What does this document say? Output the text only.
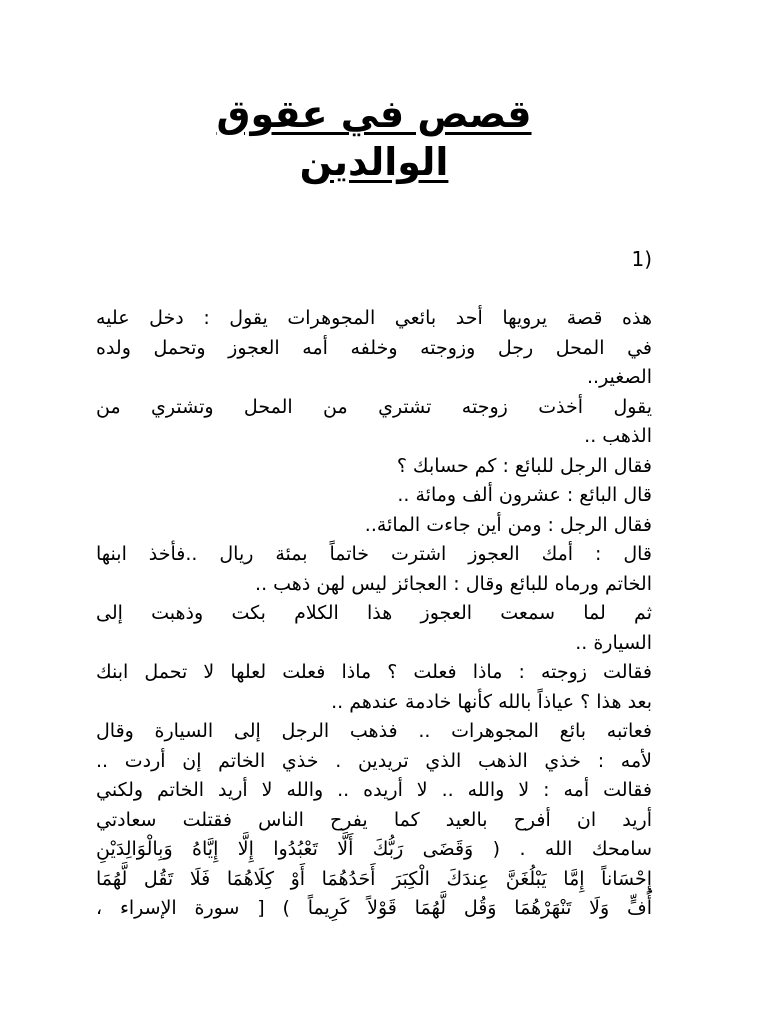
قصص في عقوق
الوالدين
(1
هذه قصة يرويها أحد بائعي المجوهرات يقول : دخل عليه
في المحل رجل وزوجته وخلفه أمه العجوز وتحمل ولده
الصغير..
يقول أخذت زوجته تشتري من المحل وتشتري من
الذهب ..
فقال الرجل للبائع : كم حسابك ؟
قال البائع : عشرون ألف ومائة ..
فقال الرجل : ومن أين جاءت المائة..
قال : أمك العجوز اشترت خاتماً بمئة ريال ..فأخذ ابنها
الخاتم ورماه للبائع وقال : العجائز ليس لهن ذهب ..
ثم لما سمعت العجوز هذا الكلام بكت وذهبت إلى
السيارة ..
فقالت زوجته : ماذا فعلت ؟ ماذا فعلت لعلها لا تحمل ابنك
بعد هذا ؟ عياذاً بالله كأنها خادمة عندهم ..
فعاتبه بائع المجوهرات .. فذهب الرجل إلى السيارة وقال
لأمه : خذي الذهب الذي تريدين . خذي الخاتم إن أردت ..
فقالت أمه : لا والله .. لا أريده .. والله لا أريد الخاتم ولكني
أريد ان أفرح بالعيد كما يفرح الناس فقتلت سعادتي
سامحك الله . ( وَقَضَى رَبُّكَ أَلَّا تَعْبُدُوا إِلَّا إِيَّاهُ وَبِالْوَالِدَيْنِ
إِحْسَاناً إِمَّا يَبْلُغَنَّ عِندَكَ الْكِبَرَ أَحَدُهُمَا أَوْ كِلَاهُمَا فَلَا تَقُل لَّهُمَا
أُفٍّ وَلَا تَنْهَرْهُمَا وَقُل لَّهُمَا قَوْلاً كَرِيماً ) [ سورة الإسراء ،
